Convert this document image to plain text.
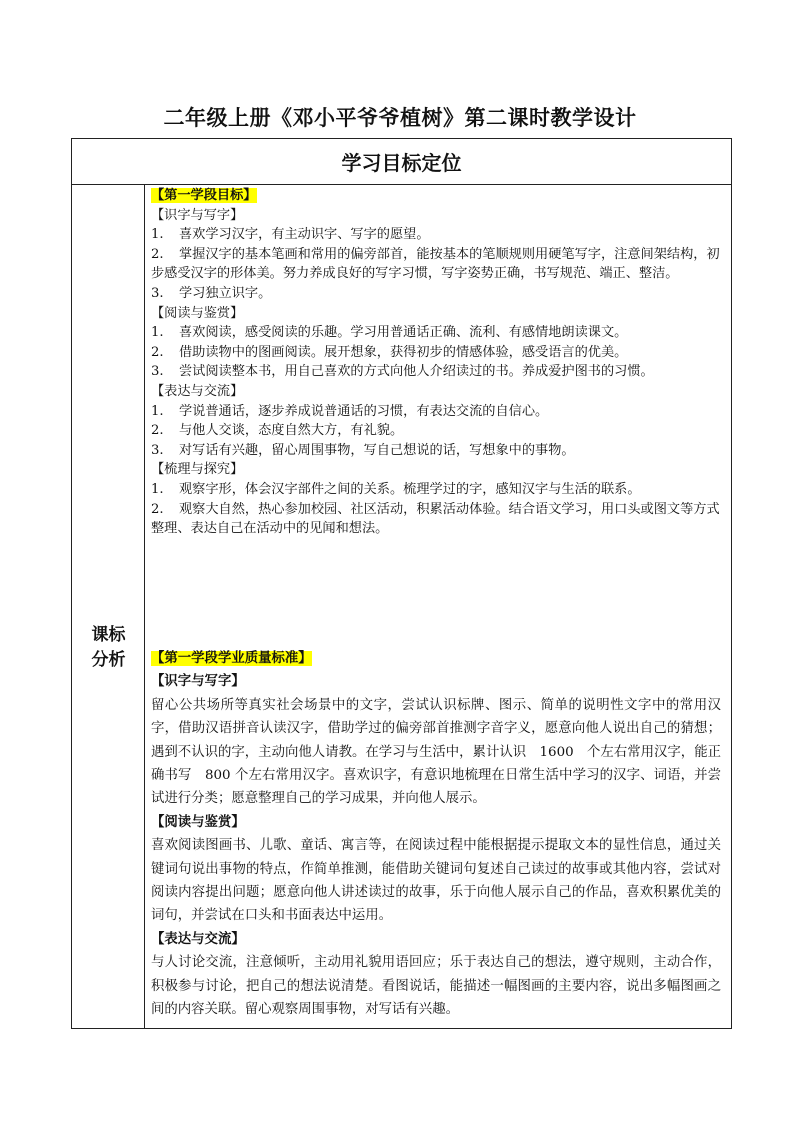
二年级上册《邓小平爷爷植树》第二课时教学设计
学习目标定位
课标
分析

【第一学段目标】

【识字与写字】

1. 喜欢学习汉字，有主动识字、写字的愿望。

2. 掌握汉字的基本笔画和常用的偏旁部首，能按基本的笔顺规则用硬笔写字，注意间架结构，初步感受汉字的形体美。努力养成良好的写字习惯，写字姿势正确，书写规范、端正、整洁。

3. 学习独立识字。

【阅读与鉴赏】

1. 喜欢阅读，感受阅读的乐趣。学习用普通话正确、流利、有感情地朗读课文。

2. 借助读物中的图画阅读。展开想象，获得初步的情感体验，感受语言的优美。

3. 尝试阅读整本书，用自己喜欢的方式向他人介绍读过的书。养成爱护图书的习惯。

【表达与交流】

1. 学说普通话，逐步养成说普通话的习惯，有表达交流的自信心。

2. 与他人交谈，态度自然大方，有礼貌。

3. 对写话有兴趣，留心周围事物，写自己想说的话，写想象中的事物。

【梳理与探究】

1. 观察字形，体会汉字部件之间的关系。梳理学过的字，感知汉字与生活的联系。

2. 观察大自然，热心参加校园、社区活动，积累活动体验。结合语文学习，用口头或图文等方式整理、表达自己在活动中的见闻和想法。

【第一学段学业质量标准】

【识字与写字】

留心公共场所等真实社会场景中的文字，尝试认识标牌、图示、简单的说明性文字中的常用汉字，借助汉语拼音认读汉字，借助学过的偏旁部首推测字音字义，愿意向他人说出自己的猜想；遇到不认识的字，主动向他人请教。在学习与生活中，累计认识　1600　个左右常用汉字，能正确书写　800 个左右常用汉字。喜欢识字，有意识地梳理在日常生活中学习的汉字、词语，并尝试进行分类；愿意整理自己的学习成果，并向他人展示。

【阅读与鉴赏】

喜欢阅读图画书、儿歌、童话、寓言等，在阅读过程中能根据提示提取文本的显性信息，通过关键词句说出事物的特点，作简单推测，能借助关键词句复述自己读过的故事或其他内容，尝试对阅读内容提出问题；愿意向他人讲述读过的故事，乐于向他人展示自己的作品，喜欢积累优美的词句，并尝试在口头和书面表达中运用。

【表达与交流】

与人讨论交流，注意倾听，主动用礼貌用语回应；乐于表达自己的想法，遵守规则，主动合作，积极参与讨论，把自己的想法说清楚。看图说话，能描述一幅图画的主要内容，说出多幅图画之间的内容关联。留心观察周围事物，对写话有兴趣。
